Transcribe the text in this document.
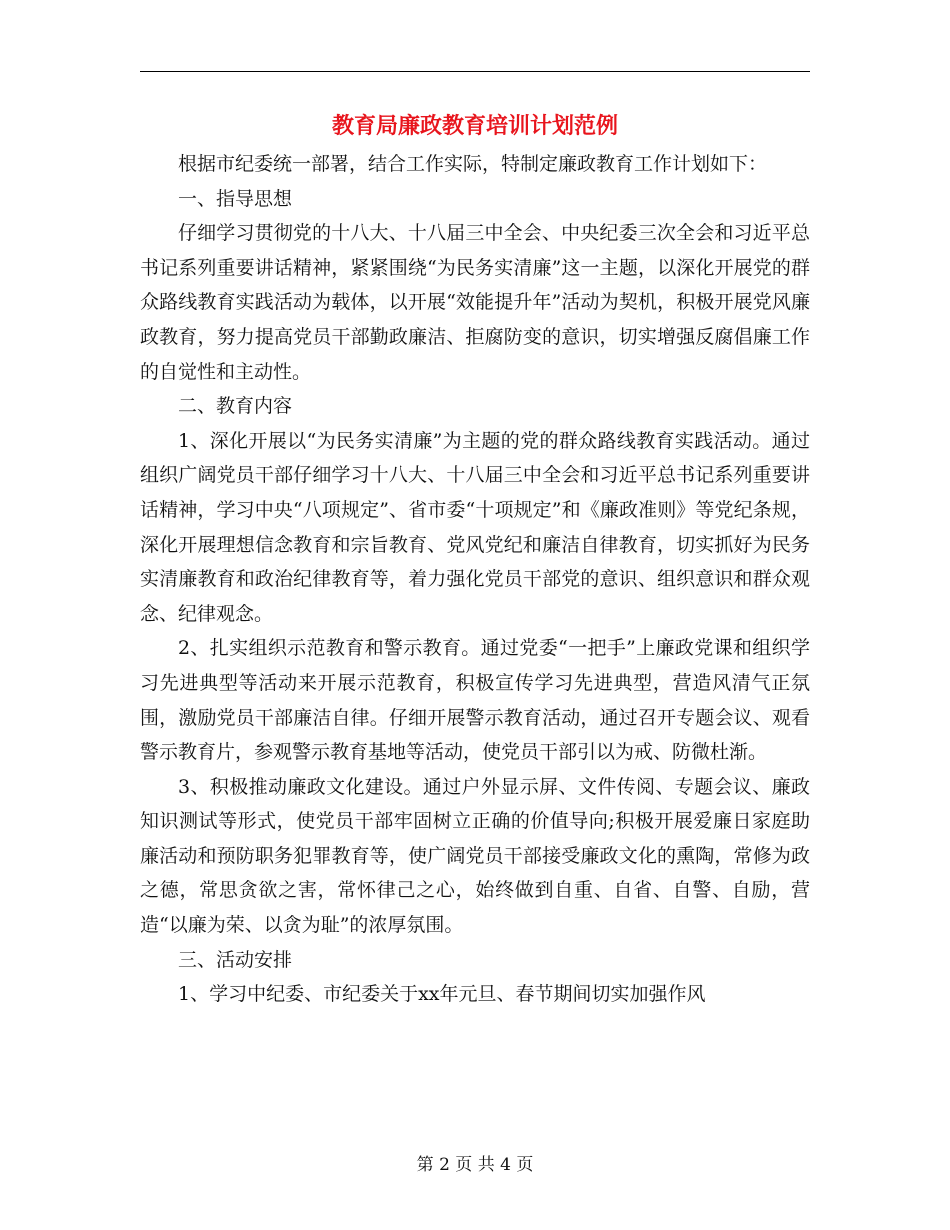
教育局廉政教育培训计划范例

根据市纪委统一部署，结合工作实际，特制定廉政教育工作计划如下：

一、指导思想

仔细学习贯彻党的十八大、十八届三中全会、中央纪委三次全会和习近平总书记系列重要讲话精神，紧紧围绕“为民务实清廉”这一主题，以深化开展党的群众路线教育实践活动为载体，以开展“效能提升年”活动为契机，积极开展党风廉政教育，努力提高党员干部勤政廉洁、拒腐防变的意识，切实增强反腐倡廉工作的自觉性和主动性。

二、教育内容

1、深化开展以“为民务实清廉”为主题的党的群众路线教育实践活动。通过组织广阔党员干部仔细学习十八大、十八届三中全会和习近平总书记系列重要讲话精神，学习中央“八项规定”、省市委“十项规定”和《廉政准则》等党纪条规，深化开展理想信念教育和宗旨教育、党风党纪和廉洁自律教育，切实抓好为民务实清廉教育和政治纪律教育等，着力强化党员干部党的意识、组织意识和群众观念、纪律观念。

2、扎实组织示范教育和警示教育。通过党委“一把手”上廉政党课和组织学习先进典型等活动来开展示范教育，积极宣传学习先进典型，营造风清气正氛围，激励党员干部廉洁自律。仔细开展警示教育活动，通过召开专题会议、观看警示教育片，参观警示教育基地等活动，使党员干部引以为戒、防微杜渐。

3、积极推动廉政文化建设。通过户外显示屏、文件传阅、专题会议、廉政知识测试等形式，使党员干部牢固树立正确的价值导向;积极开展爱廉日家庭助廉活动和预防职务犯罪教育等，使广阔党员干部接受廉政文化的熏陶，常修为政之德，常思贪欲之害，常怀律己之心，始终做到自重、自省、自警、自励，营造“以廉为荣、以贪为耻”的浓厚氛围。

三、活动安排

1、学习中纪委、市纪委关于xx年元旦、春节期间切实加强作风

第 2 页 共 4 页
